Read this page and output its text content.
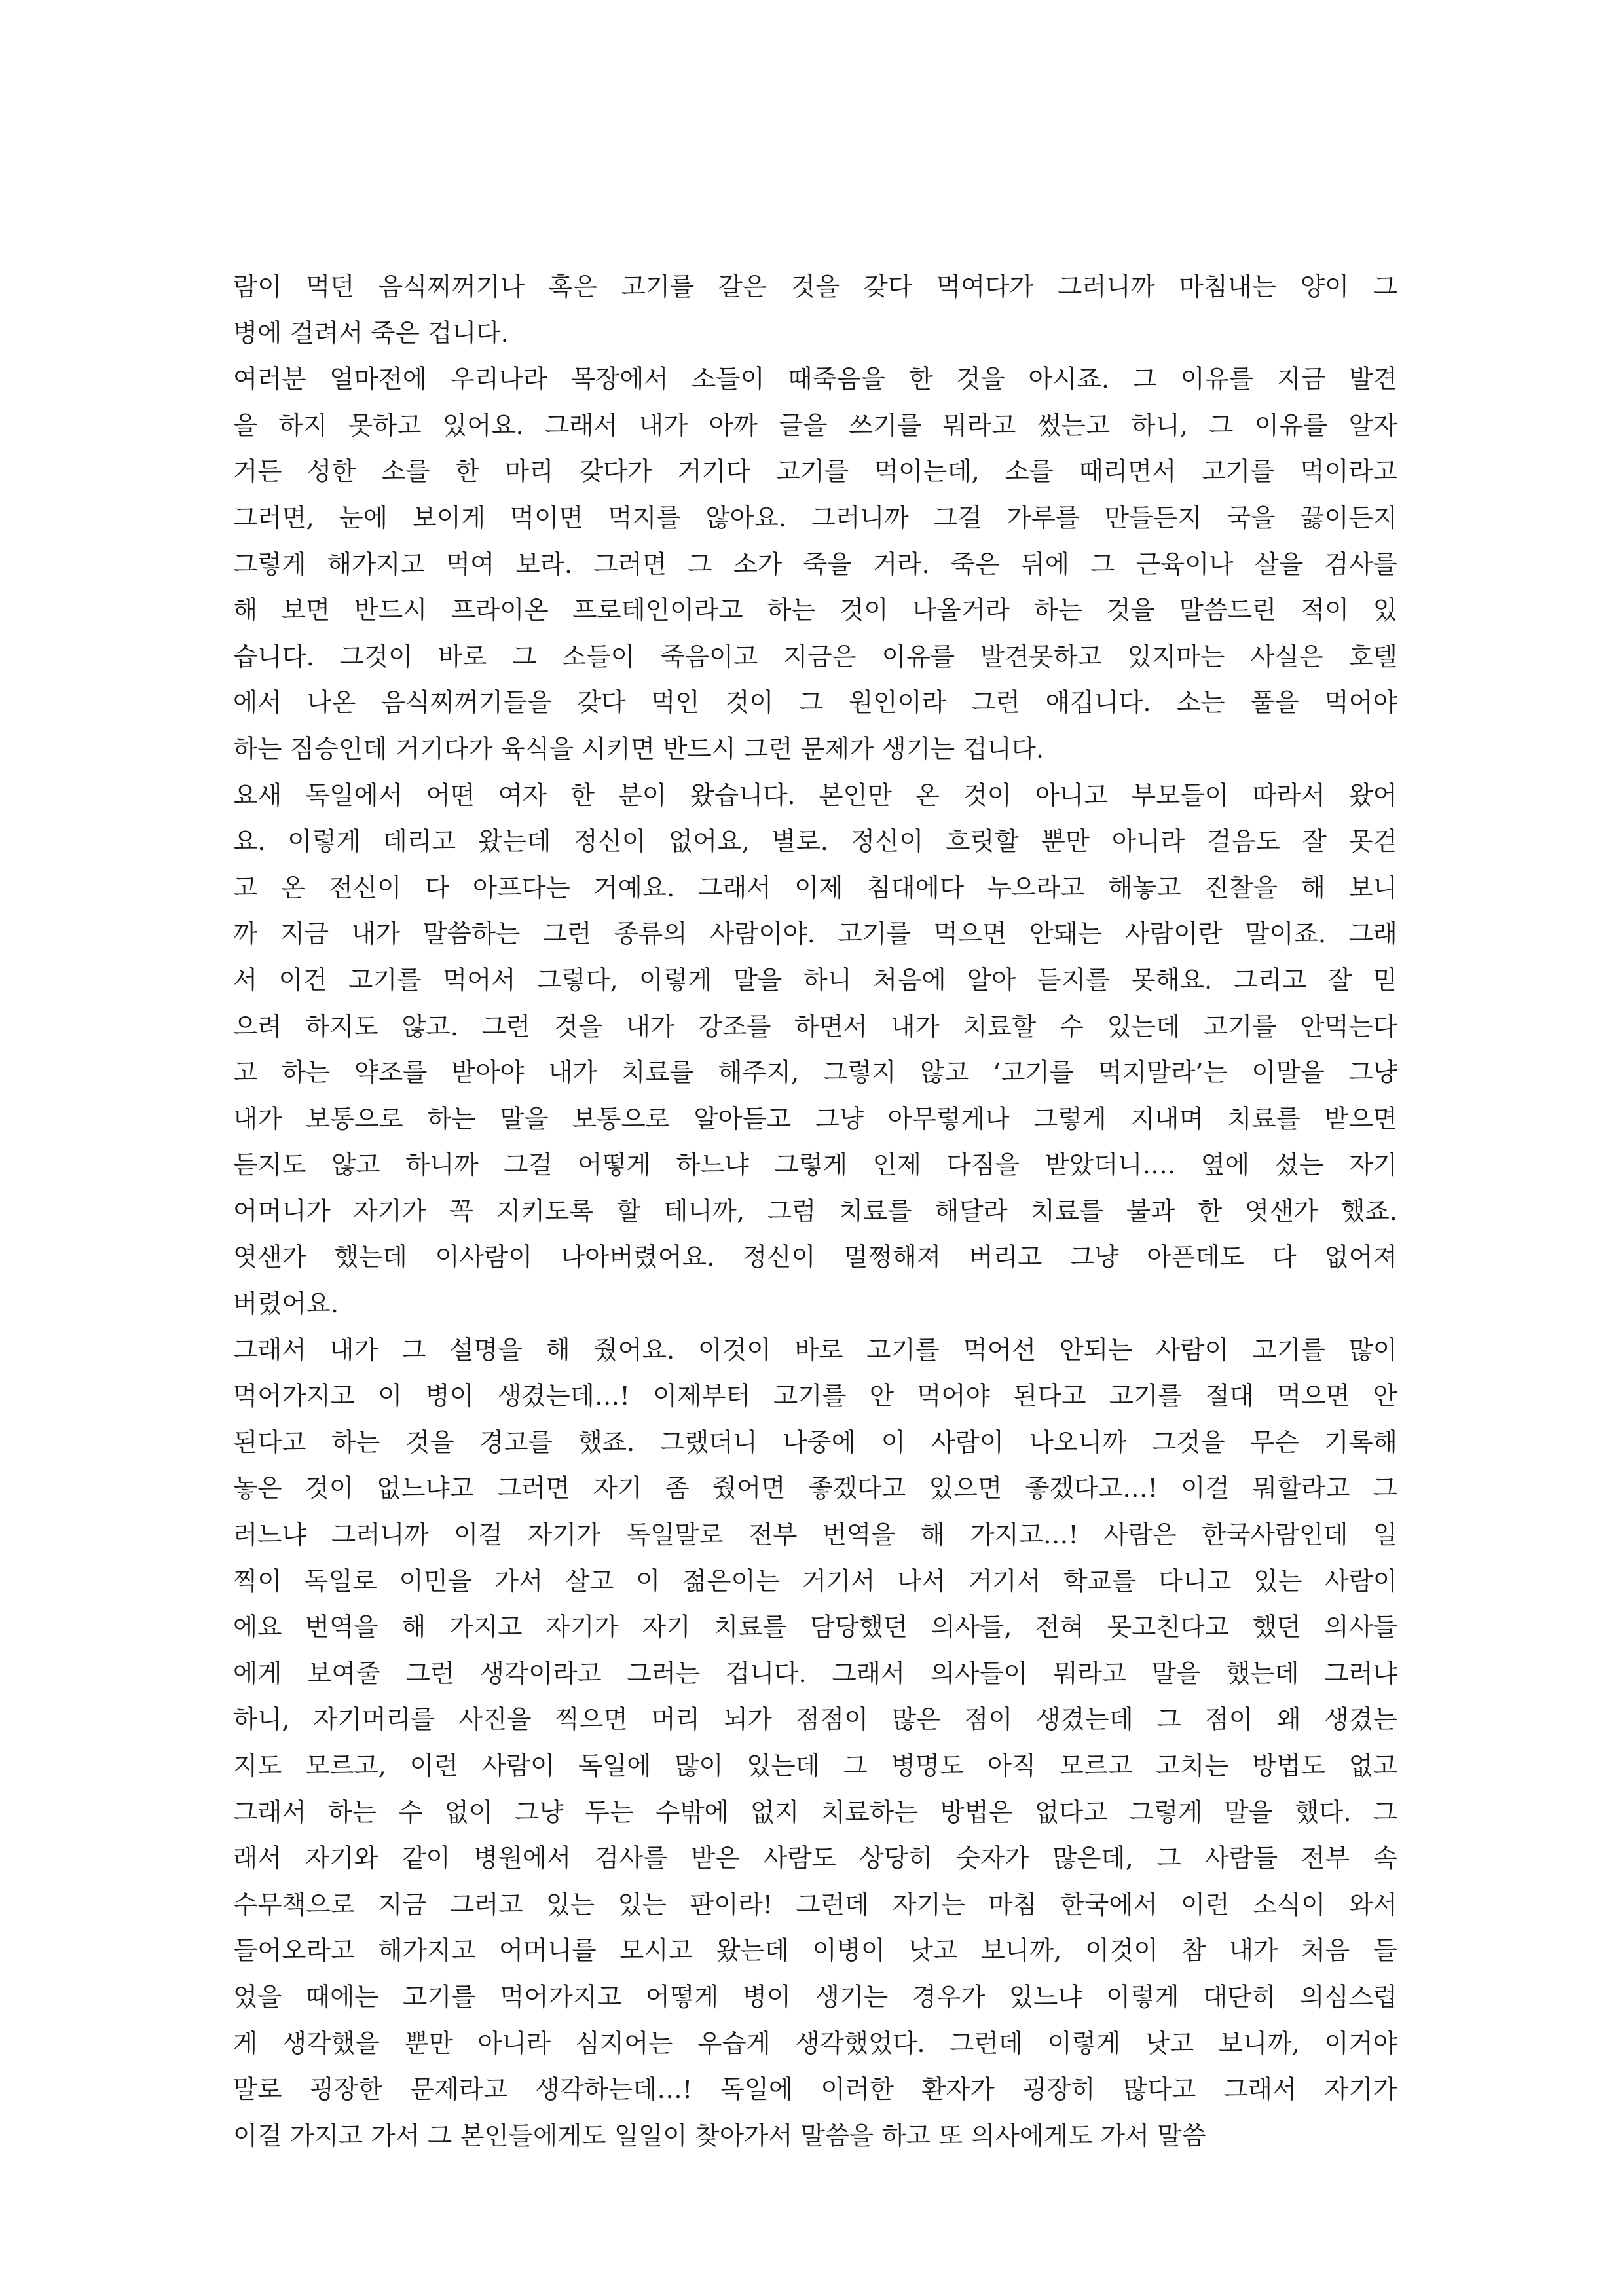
람이 먹던 음식찌꺼기나 혹은 고기를 갈은 것을 갖다 먹여다가 그러니까 마침내는 양이 그
병에 걸려서 죽은 겁니다.
여러분 얼마전에 우리나라 목장에서 소들이 때죽음을 한 것을 아시죠. 그 이유를 지금 발견
을 하지 못하고 있어요. 그래서 내가 아까 글을 쓰기를 뭐라고 썼는고 하니, 그 이유를 알자
거든 성한 소를 한 마리 갖다가 거기다 고기를 먹이는데, 소를 때리면서 고기를 먹이라고
그러면, 눈에 보이게 먹이면 먹지를 않아요. 그러니까 그걸 가루를 만들든지 국을 끓이든지
그렇게 해가지고 먹여 보라. 그러면 그 소가 죽을 거라. 죽은 뒤에 그 근육이나 살을 검사를
해 보면 반드시 프라이온 프로테인이라고 하는 것이 나올거라 하는 것을 말씀드린 적이 있
습니다. 그것이 바로 그 소들이 죽음이고 지금은 이유를 발견못하고 있지마는 사실은 호텔
에서 나온 음식찌꺼기들을 갖다 먹인 것이 그 원인이라 그런 얘깁니다. 소는 풀을 먹어야
하는 짐승인데 거기다가 육식을 시키면 반드시 그런 문제가 생기는 겁니다.
요새 독일에서 어떤 여자 한 분이 왔습니다. 본인만 온 것이 아니고 부모들이 따라서 왔어
요. 이렇게 데리고 왔는데 정신이 없어요, 별로. 정신이 흐릿할 뿐만 아니라 걸음도 잘 못걷
고 온 전신이 다 아프다는 거예요. 그래서 이제 침대에다 누으라고 해놓고 진찰을 해 보니
까 지금 내가 말씀하는 그런 종류의 사람이야. 고기를 먹으면 안돼는 사람이란 말이죠. 그래
서 이건 고기를 먹어서 그렇다, 이렇게 말을 하니 처음에 알아 듣지를 못해요. 그리고 잘 믿
으려 하지도 않고. 그런 것을 내가 강조를 하면서 내가 치료할 수 있는데 고기를 안먹는다
고 하는 약조를 받아야 내가 치료를 해주지, 그렇지 않고 ‘고기를 먹지말라’는 이말을 그냥
내가 보통으로 하는 말을 보통으로 알아듣고 그냥 아무렇게나 그렇게 지내며 치료를 받으면
듣지도 않고 하니까 그걸 어떻게 하느냐 그렇게 인제 다짐을 받았더니…. 옆에 섰는 자기
어머니가 자기가 꼭 지키도록 할 테니까, 그럼 치료를 해달라 치료를 불과 한 엿샌가 했죠.
엿샌가 했는데 이사람이 나아버렸어요. 정신이 멀쩡해져 버리고 그냥 아픈데도 다 없어져
버렸어요.
그래서 내가 그 설명을 해 줬어요. 이것이 바로 고기를 먹어선 안되는 사람이 고기를 많이
먹어가지고 이 병이 생겼는데…! 이제부터 고기를 안 먹어야 된다고 고기를 절대 먹으면 안
된다고 하는 것을 경고를 했죠. 그랬더니 나중에 이 사람이 나오니까 그것을 무슨 기록해
놓은 것이 없느냐고 그러면 자기 좀 줬어면 좋겠다고 있으면 좋겠다고…! 이걸 뭐할라고 그
러느냐 그러니까 이걸 자기가 독일말로 전부 번역을 해 가지고…! 사람은 한국사람인데 일
찍이 독일로 이민을 가서 살고 이 젊은이는 거기서 나서 거기서 학교를 다니고 있는 사람이
에요 번역을 해 가지고 자기가 자기 치료를 담당했던 의사들, 전혀 못고친다고 했던 의사들
에게 보여줄 그런 생각이라고 그러는 겁니다. 그래서 의사들이 뭐라고 말을 했는데 그러냐
하니, 자기머리를 사진을 찍으면 머리 뇌가 점점이 많은 점이 생겼는데 그 점이 왜 생겼는
지도 모르고, 이런 사람이 독일에 많이 있는데 그 병명도 아직 모르고 고치는 방법도 없고
그래서 하는 수 없이 그냥 두는 수밖에 없지 치료하는 방법은 없다고 그렇게 말을 했다. 그
래서 자기와 같이 병원에서 검사를 받은 사람도 상당히 숫자가 많은데, 그 사람들 전부 속
수무책으로 지금 그러고 있는 있는 판이라! 그런데 자기는 마침 한국에서 이런 소식이 와서
들어오라고 해가지고 어머니를 모시고 왔는데 이병이 낫고 보니까, 이것이 참 내가 처음 들
었을 때에는 고기를 먹어가지고 어떻게 병이 생기는 경우가 있느냐 이렇게 대단히 의심스럽
게 생각했을 뿐만 아니라 심지어는 우습게 생각했었다. 그런데 이렇게 낫고 보니까, 이거야
말로 굉장한 문제라고 생각하는데…! 독일에 이러한 환자가 굉장히 많다고 그래서 자기가
이걸 가지고 가서 그 본인들에게도 일일이 찾아가서 말씀을 하고 또 의사에게도 가서 말씀
